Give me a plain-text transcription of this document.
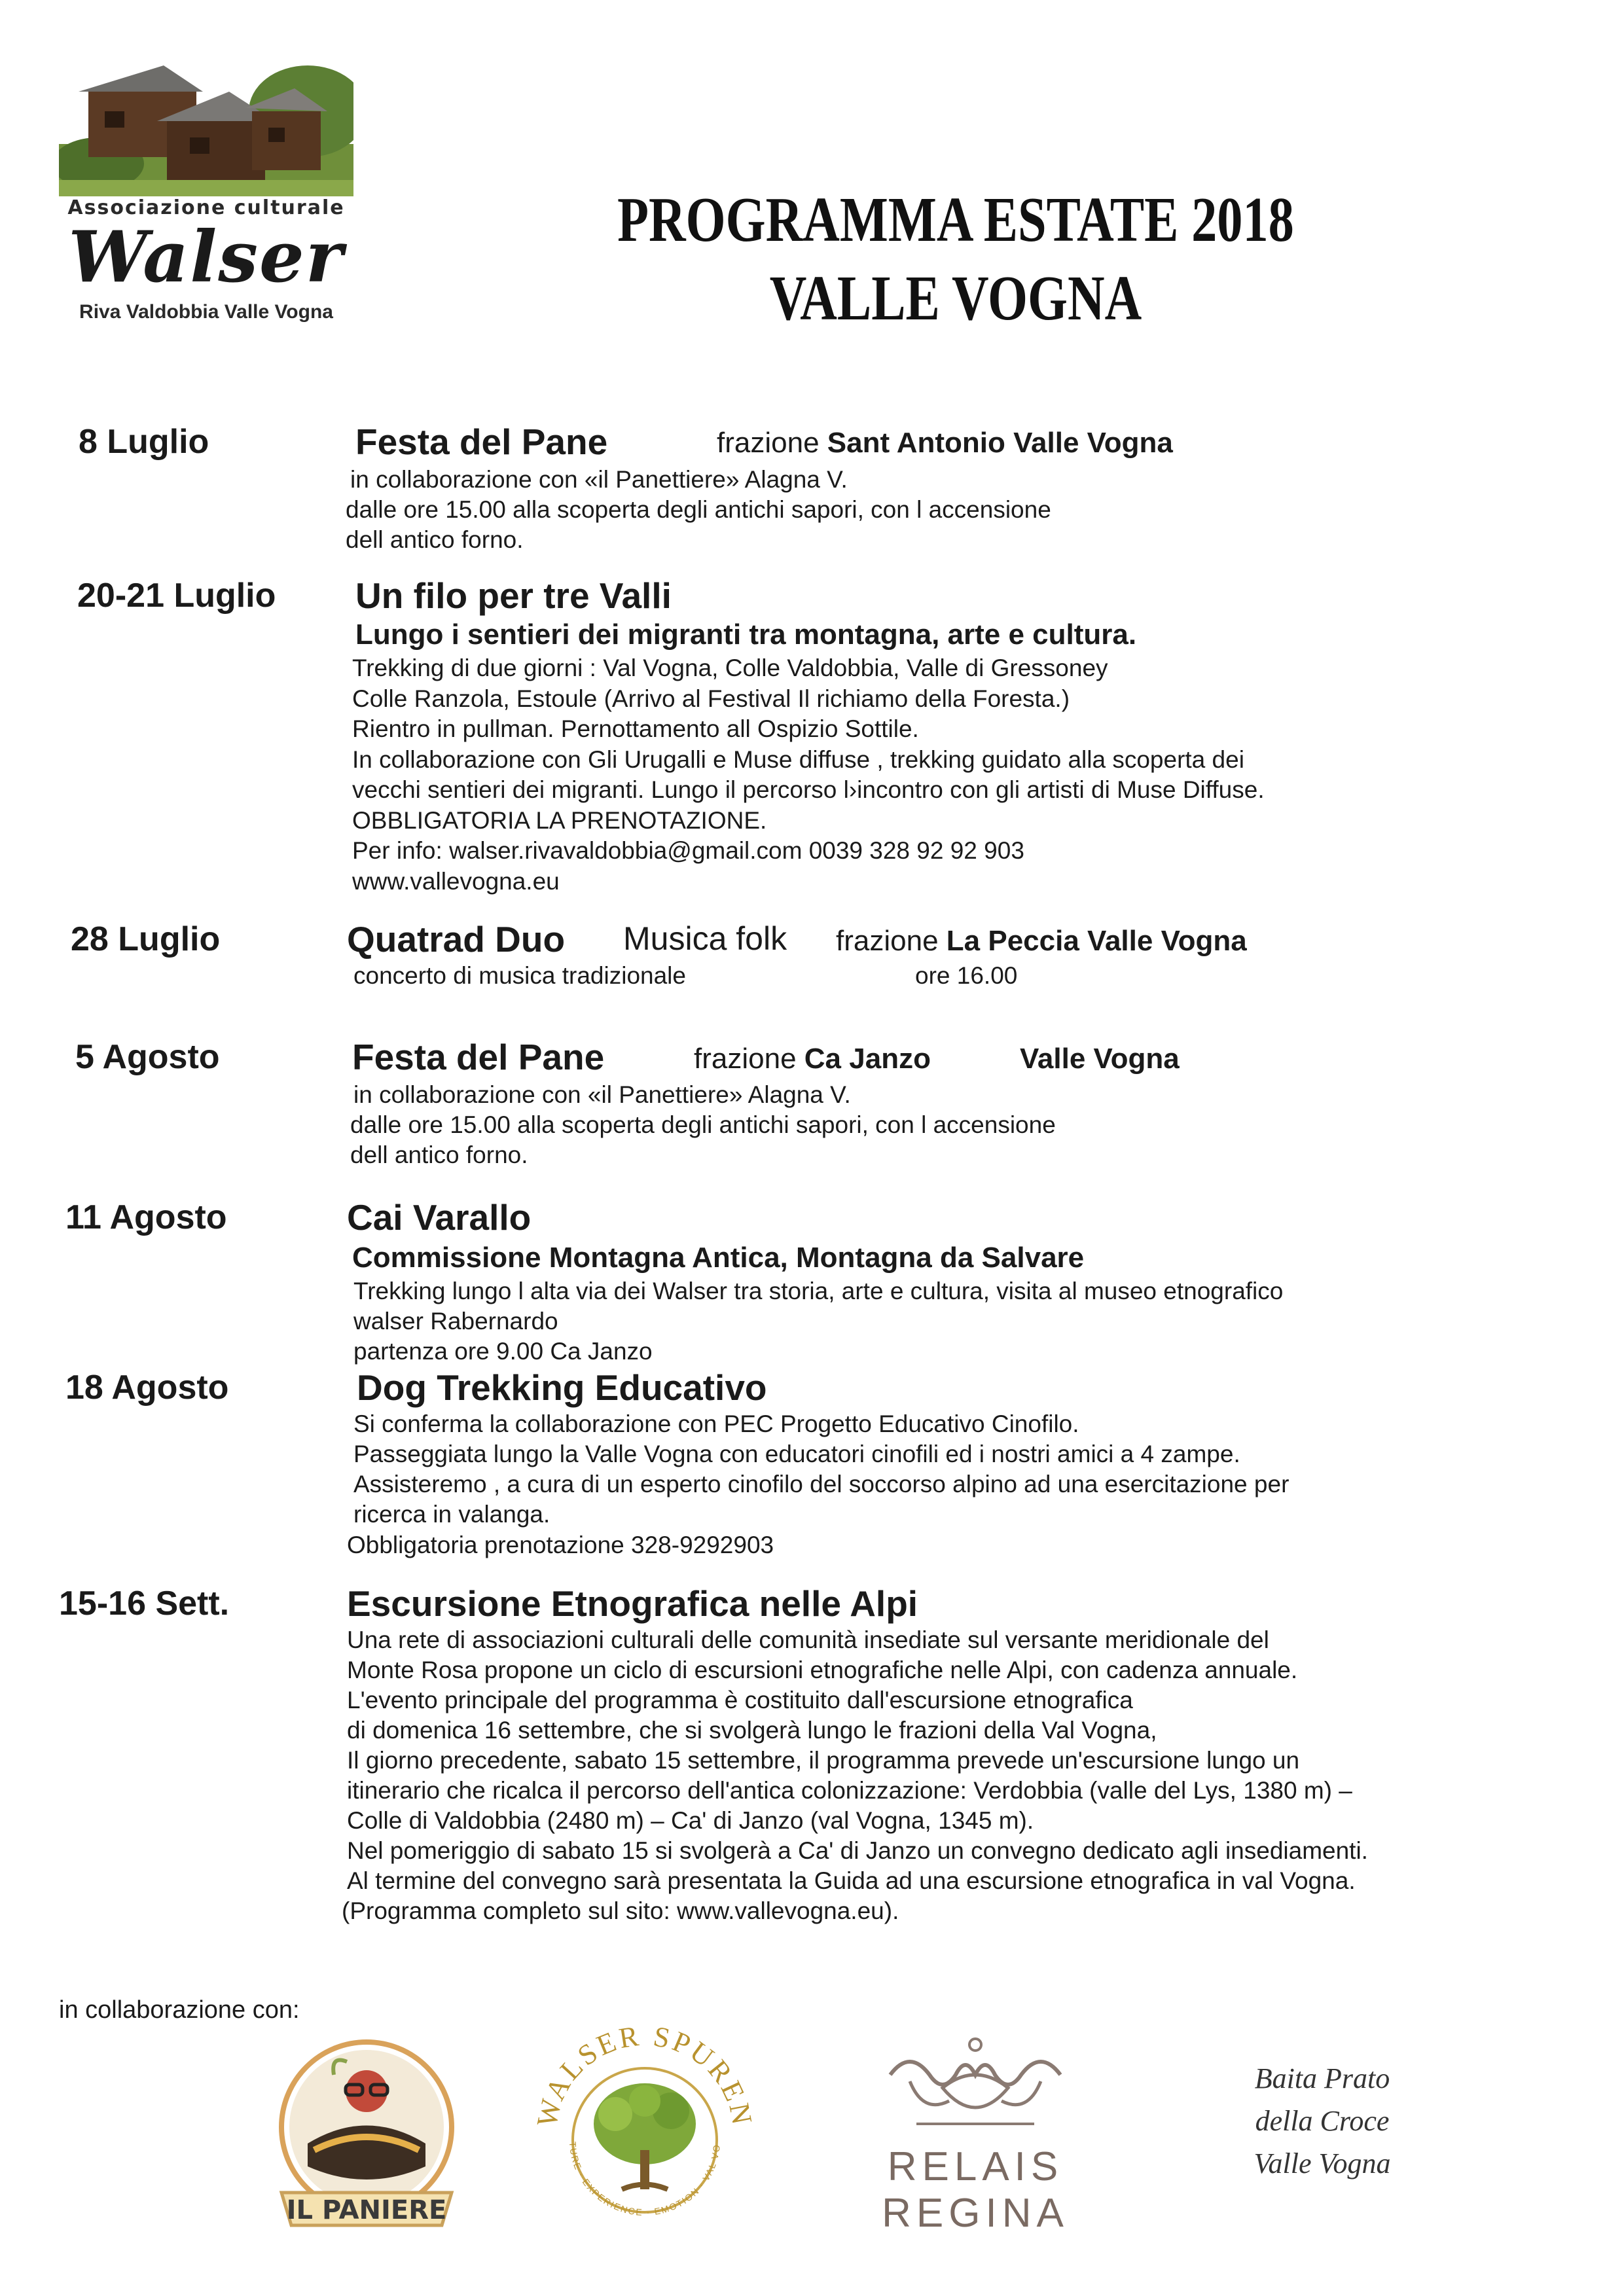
Associazione culturale
Walser
Riva Valdobbia Valle Vogna
PROGRAMMA ESTATE 2018
VALLE VOGNA
8 Luglio	Festa del Pane	frazione Sant Antonio Valle Vogna
in collaborazione con «il Panettiere» Alagna V.
dalle ore 15.00 alla scoperta degli antichi sapori, con l accensione
dell antico forno.
20-21 Luglio Un filo per tre Valli
Lungo i sentieri dei migranti tra montagna, arte e cultura.
Trekking di due giorni : Val Vogna, Colle Valdobbia, Valle di Gressoney
Colle Ranzola, Estoule (Arrivo al Festival Il richiamo della Foresta.)
Rientro in pullman. Pernottamento all Ospizio Sottile.
In collaborazione con Gli Urugalli e Muse diffuse , trekking guidato alla scoperta dei
vecchi sentieri dei migranti. Lungo il percorso l›incontro con gli artisti di Muse Diffuse.
OBBLIGATORIA LA PRENOTAZIONE.
Per info: walser.rivavaldobbia@gmail.com 0039 328 92 92 903
www.vallevogna.eu
28 Luglio	Quatrad Duo Musica folk frazione La Peccia Valle Vogna
concerto di musica tradizionale	ore 16.00
5 Agosto	Festa del Pane	frazione Ca Janzo	Valle Vogna
in collaborazione con «il Panettiere» Alagna V.
dalle ore 15.00 alla scoperta degli antichi sapori, con l accensione
dell antico forno.
11 Agosto	Cai Varallo
Commissione Montagna Antica, Montagna da Salvare
Trekking lungo l alta via dei Walser tra storia, arte e cultura, visita al museo etnografico
walser Rabernardo
partenza ore 9.00 Ca Janzo
18 Agosto	Dog Trekking Educativo
Si conferma la collaborazione con PEC Progetto Educativo Cinofilo.
Passeggiata lungo la Valle Vogna con educatori cinofili ed i nostri amici a 4 zampe.
Assisteremo , a cura di un esperto cinofilo del soccorso alpino ad una esercitazione per
ricerca in valanga.
Obbligatoria prenotazione 328-9292903
15-16 Sett.	Escursione Etnografica nelle Alpi
Una rete di associazioni culturali delle comunità insediate sul versante meridionale del
Monte Rosa propone un ciclo di escursioni etnografiche nelle Alpi, con cadenza annuale.
L'evento principale del programma è costituito dall'escursione etnografica
di domenica 16 settembre, che si svolgerà lungo le frazioni della Val Vogna,
Il giorno precedente, sabato 15 settembre, il programma prevede un'escursione lungo un
itinerario che ricalca il percorso dell'antica colonizzazione: Verdobbia (valle del Lys, 1380 m) –
Colle di Valdobbia (2480 m) – Ca' di Janzo (val Vogna, 1345 m).
Nel pomeriggio di sabato 15 si svolgerà a Ca' di Janzo un convegno dedicato agli insediamenti.
Al termine del convegno sarà presentata la Guida ad una escursione etnografica in val Vogna.
(Programma completo sul sito: www.vallevogna.eu).
in collaborazione con:
IL PANIERE
WALSER SPUREN
TURE · EXPERIENCE · EMOTION · VAL VO	RELAIS REGINA
Baita Prato
della Croce
Valle Vogna
